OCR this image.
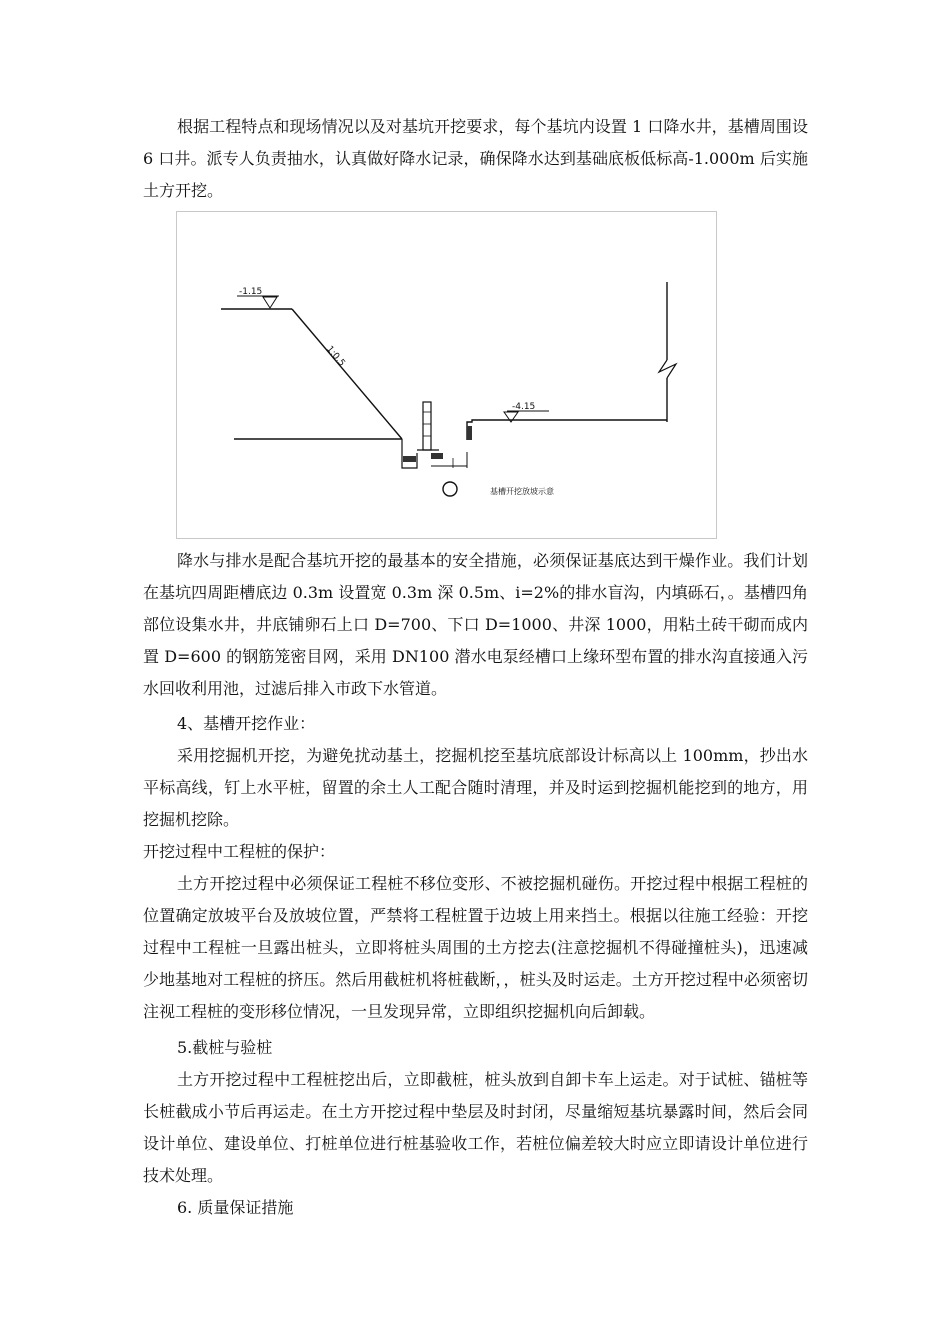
根据工程特点和现场情况以及对基坑开挖要求，每个基坑内设置 1 口降水井，基槽周围设 6 口井。派专人负责抽水，认真做好降水记录，确保降水达到基础底板低标高-1.000m 后实施土方开挖。

-1.15
1:0.5
-4.15
基槽开挖放坡示意

降水与排水是配合基坑开挖的最基本的安全措施，必须保证基底达到干燥作业。我们计划在基坑四周距槽底边 0.3m 设置宽 0.3m 深 0.5m、i=2%的排水盲沟，内填砾石，。基槽四角部位设集水井，井底铺卵石上口 D=700、下口 D=1000、井深 1000，用粘土砖干砌而成内置 D=600 的钢筋笼密目网，采用 DN100 潜水电泵经槽口上缘环型布置的排水沟直接通入污水回收利用池，过滤后排入市政下水管道。

4、基槽开挖作业：

采用挖掘机开挖，为避免扰动基土，挖掘机挖至基坑底部设计标高以上 100mm，抄出水平标高线，钉上水平桩，留置的余土人工配合随时清理，并及时运到挖掘机能挖到的地方，用挖掘机挖除。

开挖过程中工程桩的保护：

土方开挖过程中必须保证工程桩不移位变形、不被挖掘机碰伤。开挖过程中根据工程桩的位置确定放坡平台及放坡位置，严禁将工程桩置于边坡上用来挡土。根据以往施工经验：开挖过程中工程桩一旦露出桩头，立即将桩头周围的土方挖去(注意挖掘机不得碰撞桩头)，迅速减少地基地对工程桩的挤压。然后用截桩机将桩截断，，桩头及时运走。土方开挖过程中必须密切注视工程桩的变形移位情况，一旦发现异常，立即组织挖掘机向后卸载。

5.截桩与验桩

土方开挖过程中工程桩挖出后，立即截桩，桩头放到自卸卡车上运走。对于试桩、锚桩等长桩截成小节后再运走。在土方开挖过程中垫层及时封闭，尽量缩短基坑暴露时间，然后会同设计单位、建设单位、打桩单位进行桩基验收工作，若桩位偏差较大时应立即请设计单位进行技术处理。

6. 质量保证措施
